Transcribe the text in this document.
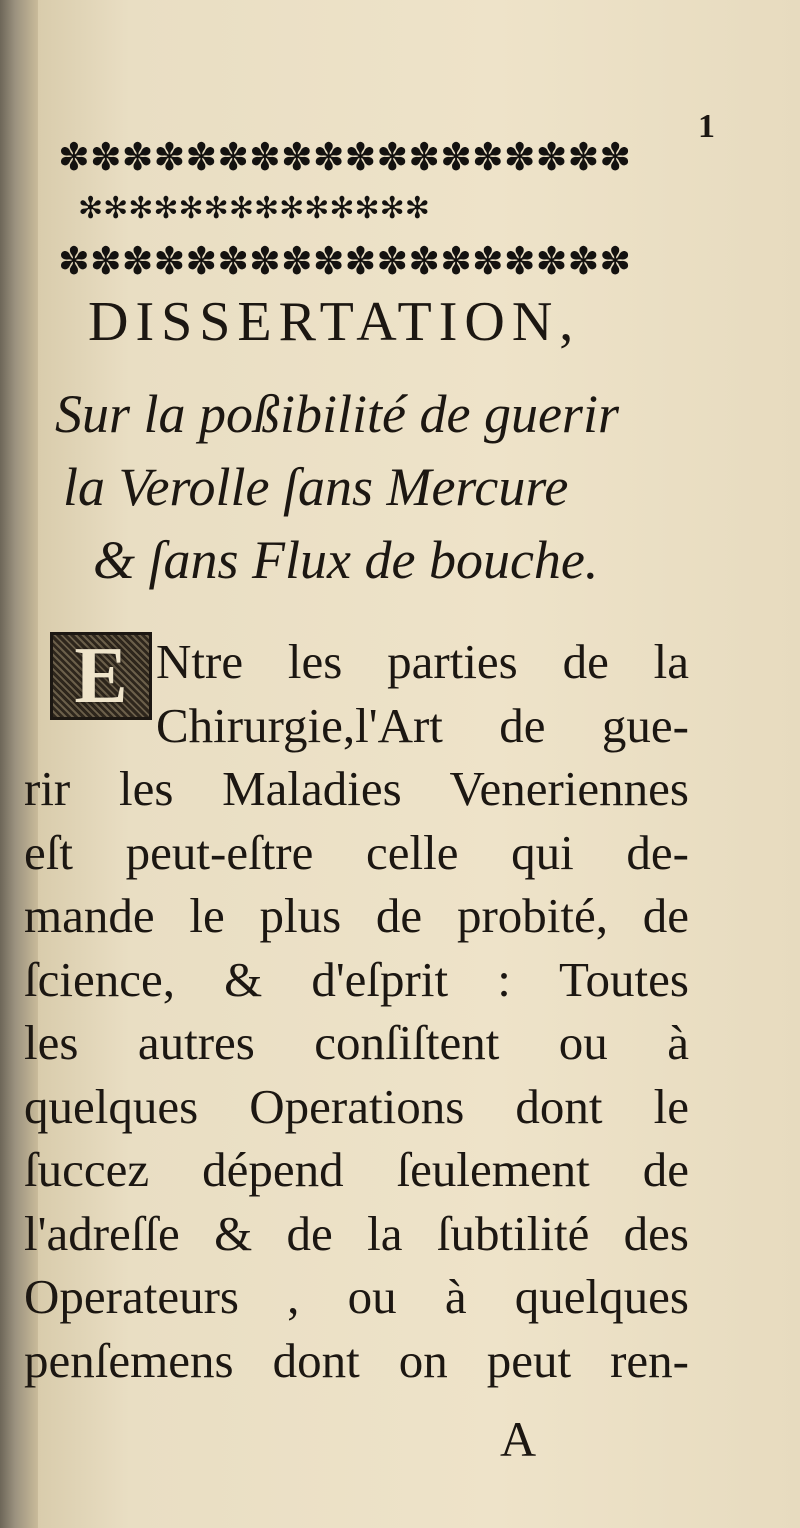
1
✽✽✽✽✽✽✽✽✽✽✽✽✽✽✽✽✽✽
✻✻✻✻✻✻✻✻✻✻✻✻✻✻
✽✽✽✽✽✽✽✽✽✽✽✽✽✽✽✽✽✽
DISSERTATION,
Sur la poßibilité de guerir
la Verolle ſans Mercure
& ſans Flux de bouche.
E Ntre les parties de la
Chirurgie,l'Art de gue-
rir les Maladies Veneriennes
eſt peut-eſtre celle qui de-
mande le plus de probité, de
ſcience, & d'eſprit : Toutes
les autres conſiſtent ou à
quelques Operations dont le
ſuccez dépend ſeulement de
l'adreſſe & de la ſubtilité des
Operateurs , ou à quelques
penſemens dont on peut ren-
A
